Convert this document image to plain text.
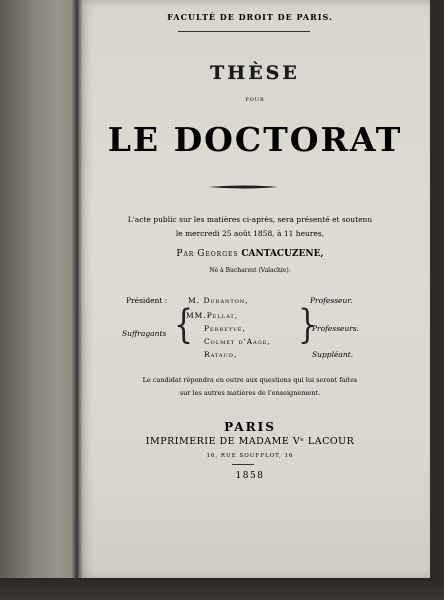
FACULTÉ DE DROIT DE PARIS.
THÈSE
POUR
LE DOCTORAT
L'acte public sur les matières ci-après, sera présenté et soutenu
le mercredi 25 août 1858, à 11 heures,
Par Georges CANTACUZENE,
Né à Bucharest (Valachie).
Président :	M. Duranton,	Professeur.
Suffragants {
MM.Pellat,
Perreyve,
Colmet d'Aage,
Rataud,
}
Professeurs.
Suppléant.
Le candidat répondra en outre aux questions qui lui seront faites
sur les autres matières de l'enseignement.
PARIS
IMPRIMERIE DE MADAME Vᵉ LACOUR
16, RUE SOUFFLOT, 16
1858
